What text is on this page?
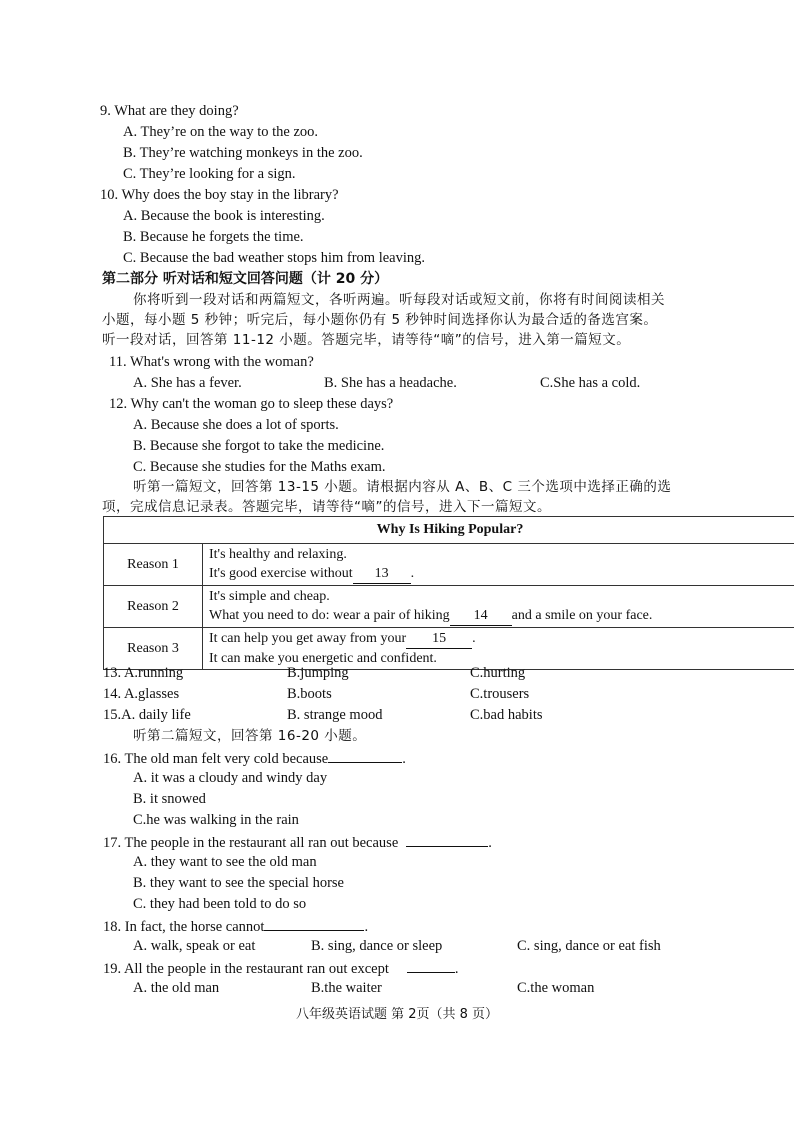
9. What are they doing?
A. They’re on the way to the zoo.
B. They’re watching monkeys in the zoo.
C. They’re looking for a sign.
10. Why does the boy stay in the library?
A. Because the book is interesting.
B. Because he forgets the time.
C. Because the bad weather stops him from leaving.
第二部分 听对话和短文回答问题（计 20 分）
你将听到一段对话和两篇短文，各听两遍。听每段对话或短文前，你将有时间阅读相关
小题，每小题 5 秒钟；听完后，每小题你仍有 5 秒钟时间选择你认为最合适的备选宫案。
听一段对话，回答第 11-12 小题。答题完毕，请等待“嘀”的信号，进入第一篇短文。
11. What's wrong with the woman?
A. She has a fever.	B. She has a headache.	C.She has a cold.
12. Why can't the woman go to sleep these days?
A. Because she does a lot of sports.
B. Because she forgot to take the medicine.
C. Because she studies for the Maths exam.
听第一篇短文，回答第 13-15 小题。请根据内容从 A、B、C 三个选项中选择正确的选
项，完成信息记录表。答题完毕，请等待“嘀”的信号，进入下一篇短文。
Why Is Hiking Popular?	
Reason 1	It's healthy and relaxing.
It's good exercise without 13 .

Reason 2	It's simple and cheap.
What you need to do: wear a pair of hiking 14 and a smile on your face.

Reason 3	It can help you get away from your 15 .
It can make you energetic and confident.
13. A.running	B.jumping	C.hurting
14. A.glasses	B.boots	C.trousers
15.A. daily life	B. strange mood	C.bad habits
听第二篇短文，回答第 16-20 小题。
16. The old man felt very cold because	.
A. it was a cloudy and windy day
B. it snowed
C.he was walking in the rain
17. The people in the restaurant all ran out because	.
A. they want to see the old man
B. they want to see the special horse
C. they had been told to do so
18. In fact, the horse cannot	.
A. walk, speak or eat	B. sing, dance or sleep	C. sing, dance or eat fish
19. All the people in the restaurant ran out except	.
A. the old man	B.the waiter	C.the woman
八年级英语试题 第 2页（共 8 页）
